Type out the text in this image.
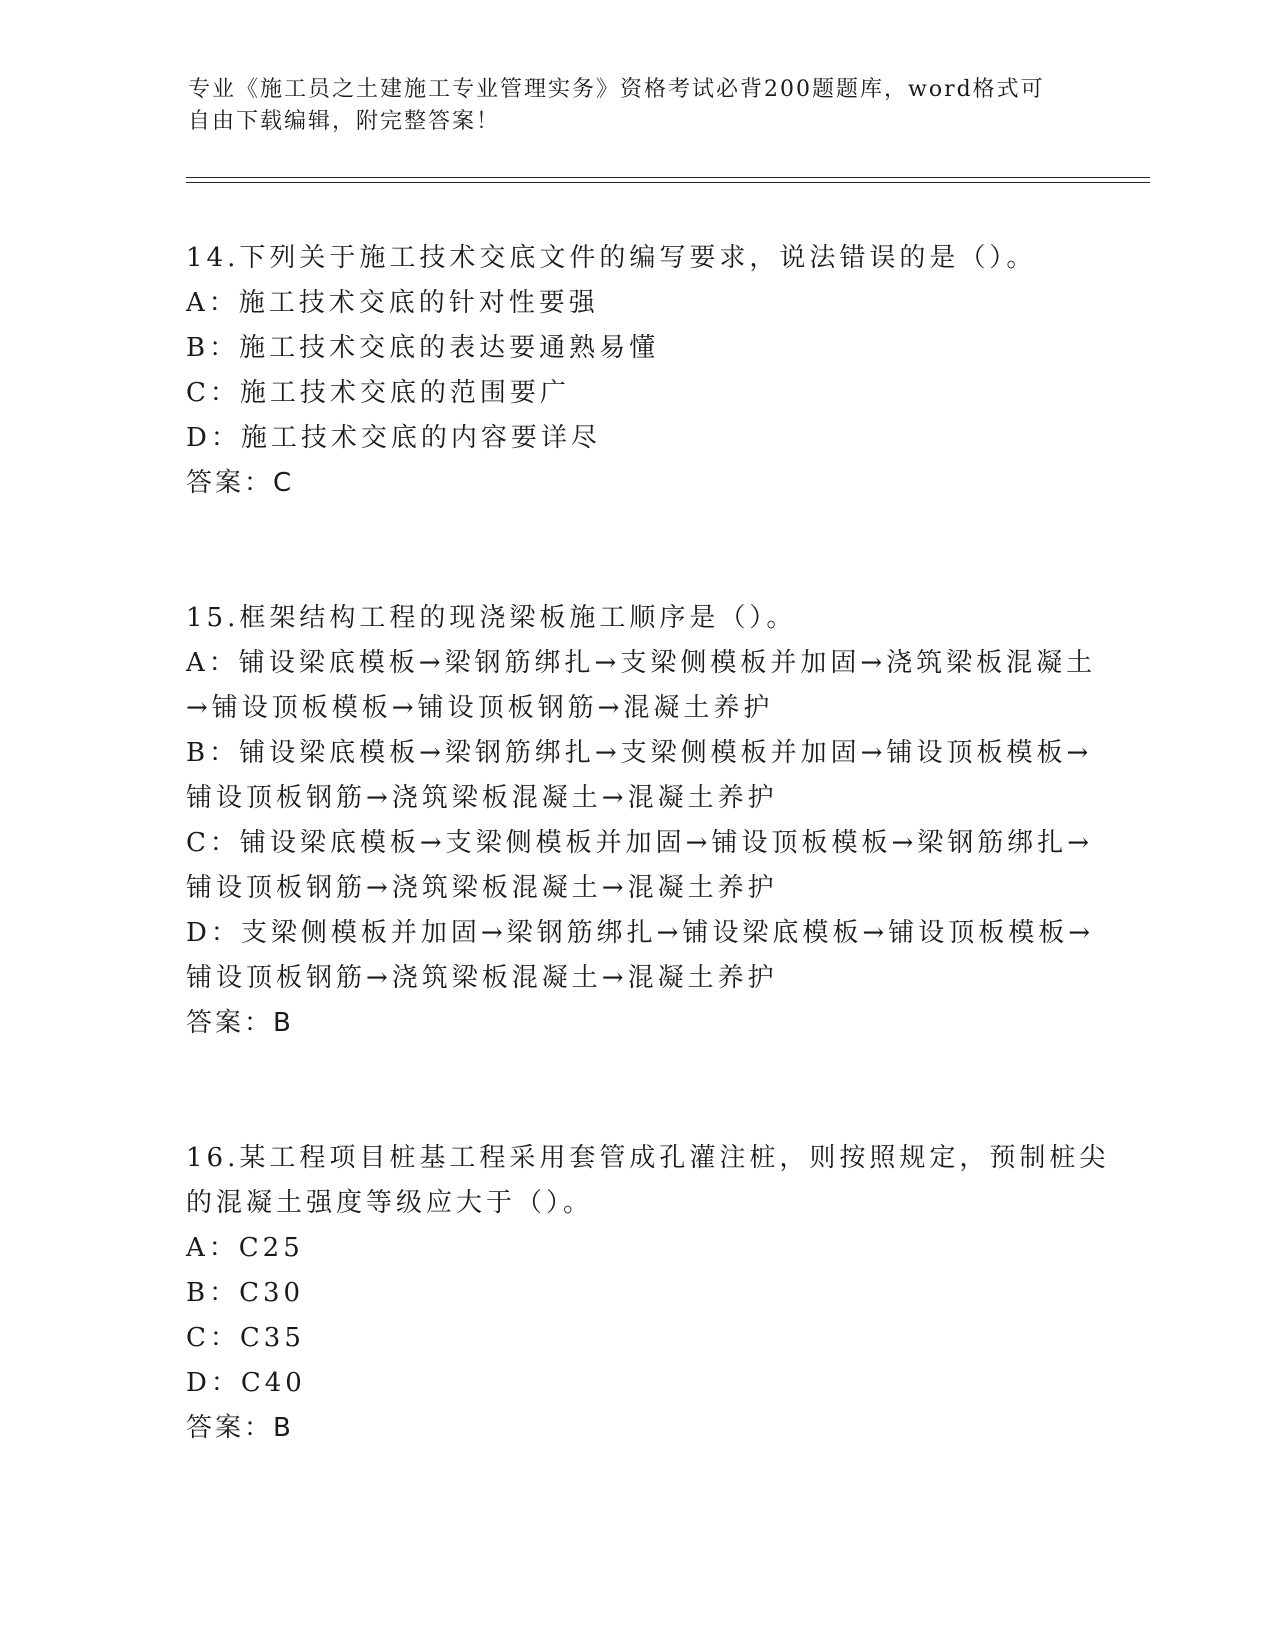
专业《施工员之土建施工专业管理实务》资格考试必背200题题库，word格式可

自由下载编辑，附完整答案！

14.下列关于施工技术交底文件的编写要求，说法错误的是（）。
A：施工技术交底的针对性要强
B：施工技术交底的表达要通熟易懂
C：施工技术交底的范围要广
D：施工技术交底的内容要详尽
答案：C
15.框架结构工程的现浇梁板施工顺序是（）。
A：铺设梁底模板→梁钢筋绑扎→支梁侧模板并加固→浇筑梁板混凝土
→铺设顶板模板→铺设顶板钢筋→混凝土养护
B：铺设梁底模板→梁钢筋绑扎→支梁侧模板并加固→铺设顶板模板→
铺设顶板钢筋→浇筑梁板混凝土→混凝土养护
C：铺设梁底模板→支梁侧模板并加固→铺设顶板模板→梁钢筋绑扎→
铺设顶板钢筋→浇筑梁板混凝土→混凝土养护
D：支梁侧模板并加固→梁钢筋绑扎→铺设梁底模板→铺设顶板模板→
铺设顶板钢筋→浇筑梁板混凝土→混凝土养护
答案：B
16.某工程项目桩基工程采用套管成孔灌注桩，则按照规定，预制桩尖
的混凝土强度等级应大于（）。
A：C25
B：C30
C：C35
D：C40
答案：B
